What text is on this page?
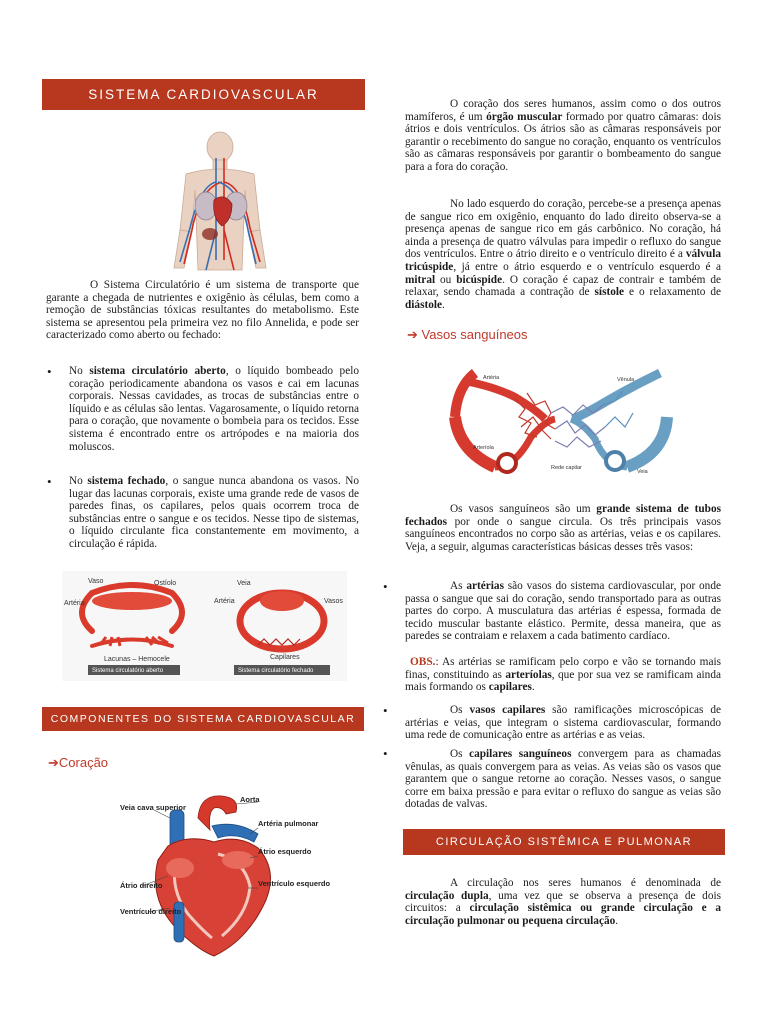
SISTEMA CARDIOVASCULAR

O Sistema Circulatório é um sistema de transporte que garante a chegada de nutrientes e oxigênio às células, bem como a remoção de substâncias tóxicas resultantes do metabolismo. Este sistema se apresentou pela primeira vez no filo Annelida, e pode ser caracterizado como aberto ou fechado:

• No sistema circulatório aberto, o líquido bombeado pelo coração periodicamente abandona os vasos e cai em lacunas corporais. Nessas cavidades, as trocas de substâncias entre o líquido e as células são lentas. Vagarosamente, o líquido retorna para o coração, que novamente o bombeia para os tecidos. Esse sistema é encontrado entre os artrópodes e na maioria dos moluscos.

• No sistema fechado, o sangue nunca abandona os vasos. No lugar das lacunas corporais, existe uma grande rede de vasos de paredes finas, os capilares, pelos quais ocorrem troca de substâncias entre o sangue e os tecidos. Nesse tipo de sistemas, o líquido circulante fica constantemente em movimento, a circulação é rápida.

Vaso	Ostíolo
Artéria
Lacunas – Hemocele
Sistema circulatório aberto
Veia
Artéria	Vasos
Capilares
Sistema circulatório fechado
COMPONENTES DO SISTEMA CARDIOVASCULAR
➔Coração
Aorta
Veia cava superior
Artéria pulmonar
Átrio esquerdo
Átrio direito	Ventrículo esquerdo
Ventrículo direito

O coração dos seres humanos, assim como o dos outros mamíferos, é um órgão muscular formado por quatro câmaras: dois átrios e dois ventrículos. Os átrios são as câmaras responsáveis por garantir o recebimento do sangue no coração, enquanto os ventrículos são as câmaras responsáveis por garantir o bombeamento do sangue para a fora do coração.

No lado esquerdo do coração, percebe-se a presença apenas de sangue rico em oxigênio, enquanto do lado direito observa-se a presença apenas de sangue rico em gás carbônico. No coração, há ainda a presença de quatro válvulas para impedir o refluxo do sangue dos ventrículos. Entre o átrio direito e o ventrículo direito é a válvula tricúspide, já entre o átrio esquerdo e o ventrículo esquerdo é a mitral ou bicúspide. O coração é capaz de contrair e também de relaxar, sendo chamada a contração de sístole e o relaxamento de diástole.

➔ Vasos sanguíneos
Artéria
Arteríola
Vênula
Veia
Rede capilar

Os vasos sanguíneos são um grande sistema de tubos fechados por onde o sangue circula. Os três principais vasos sanguíneos encontrados no corpo são as artérias, veias e os capilares. Veja, a seguir, algumas características básicas desses três vasos:

•	As artérias são vasos do sistema cardiovascular, por onde passa o sangue que sai do coração, sendo transportado para as outras partes do corpo. A musculatura das artérias é espessa, formada de tecido muscular bastante elástico. Permite, dessa maneira, que as paredes se contraiam e relaxem a cada batimento cardíaco.

OBS.: As artérias se ramificam pelo corpo e vão se tornando mais finas, constituindo as arteríolas, que por sua vez se ramificam ainda mais formando os capilares.

•	Os vasos capilares são ramificações microscópicas de artérias e veias, que integram o sistema cardiovascular, formando uma rede de comunicação entre as artérias e as veias.

•	Os capilares sanguíneos convergem para as chamadas vênulas, as quais convergem para as veias. As veias são os vasos que garantem que o sangue retorne ao coração. Nesses vasos, o sangue corre em baixa pressão e para evitar o refluxo do sangue as veias são dotadas de valvas.

CIRCULAÇÃO SISTÊMICA E PULMONAR

A circulação nos seres humanos é denominada de circulação dupla, uma vez que se observa a presença de dois circuitos: a circulação sistêmica ou grande circulação e a circulação pulmonar ou pequena circulação.
